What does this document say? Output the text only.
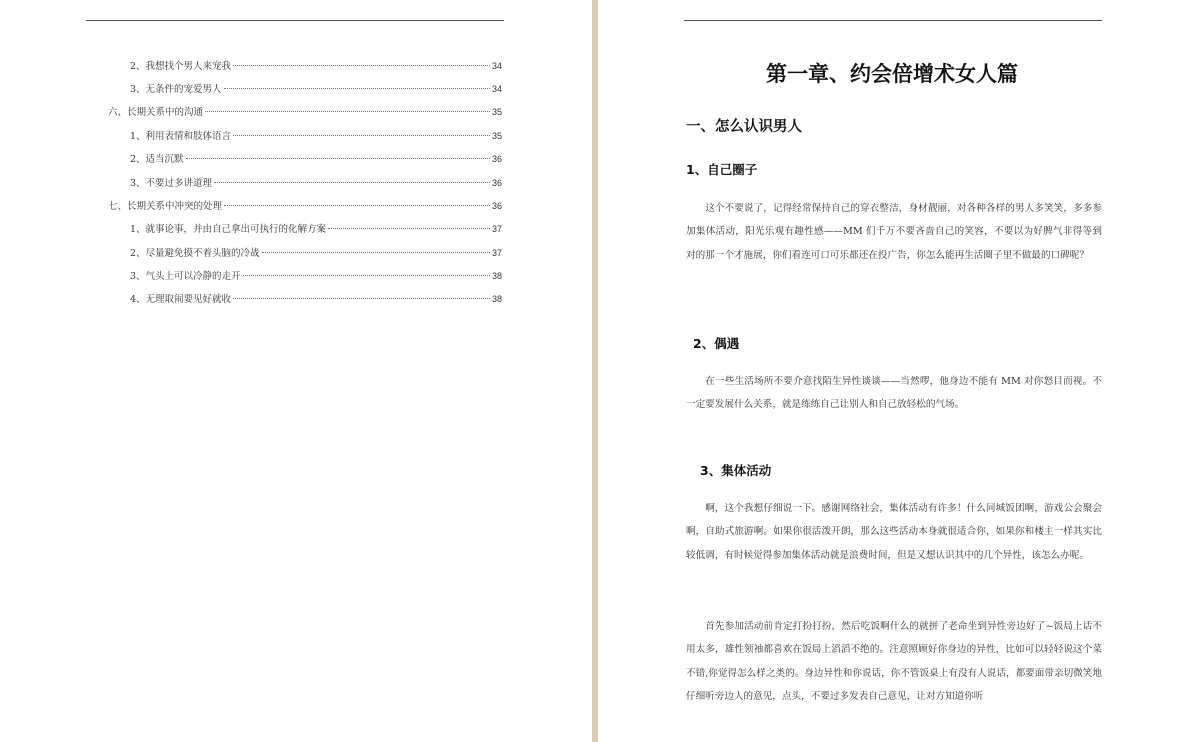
2、我想找个男人来宠我	34
3、无条件的宠爱男人	34
六、长期关系中的沟通	35
1、利用表情和肢体语言	35
2、适当沉默	36
3、不要过多讲道理	36
七、长期关系中冲突的处理	36
1、就事论事，并由自己拿出可执行的化解方案	37
2、尽量避免摸不着头脑的冷战	37
3、气头上可以冷静的走开	38
4、无理取闹要见好就收	38
第一章、约会倍增术女人篇
一、怎么认识男人
1、自己圈子

这个不要说了，记得经常保持自己的穿衣整洁，身材靓丽，对各种各样的男人多笑笑，多多参加集体活动，阳光乐观有趣性感——MM 们千万不要吝啬自己的笑容，不要以为好脾气非得等到对的那一个才施展，你们看连可口可乐都还在投广告，你怎么能再生活圈子里不做最的口碑呢？

2、偶遇

在一些生活场所不要介意找陌生异性谈谈——当然啰，他身边不能有 MM 对你怒目而视。不一定要发展什么关系，就是练练自己让别人和自己放轻松的气场。

3、集体活动

啊，这个我想仔细说一下。感谢网络社会，集体活动有许多！什么同城饭团啊，游戏公会聚会啊，自助式旅游啊。如果你很活泼开朗，那么这些活动本身就很适合你，如果你和楼主一样其实比较低调，有时候觉得参加集体活动就是浪费时间，但是又想认识其中的几个异性，该怎么办呢。

首先参加活动前肯定打扮打扮，然后吃饭啊什么的就拼了老命坐到异性旁边好了~饭局上话不用太多，雄性领袖都喜欢在饭局上滔滔不绝的。注意照顾好你身边的异性，比如可以轻轻说这个菜不错,你觉得怎么样之类的。身边异性和你说话，你不管饭桌上有没有人说话，都要面带亲切微笑地仔细听旁边人的意见，点头，不要过多发表自己意见，让对方知道你听
